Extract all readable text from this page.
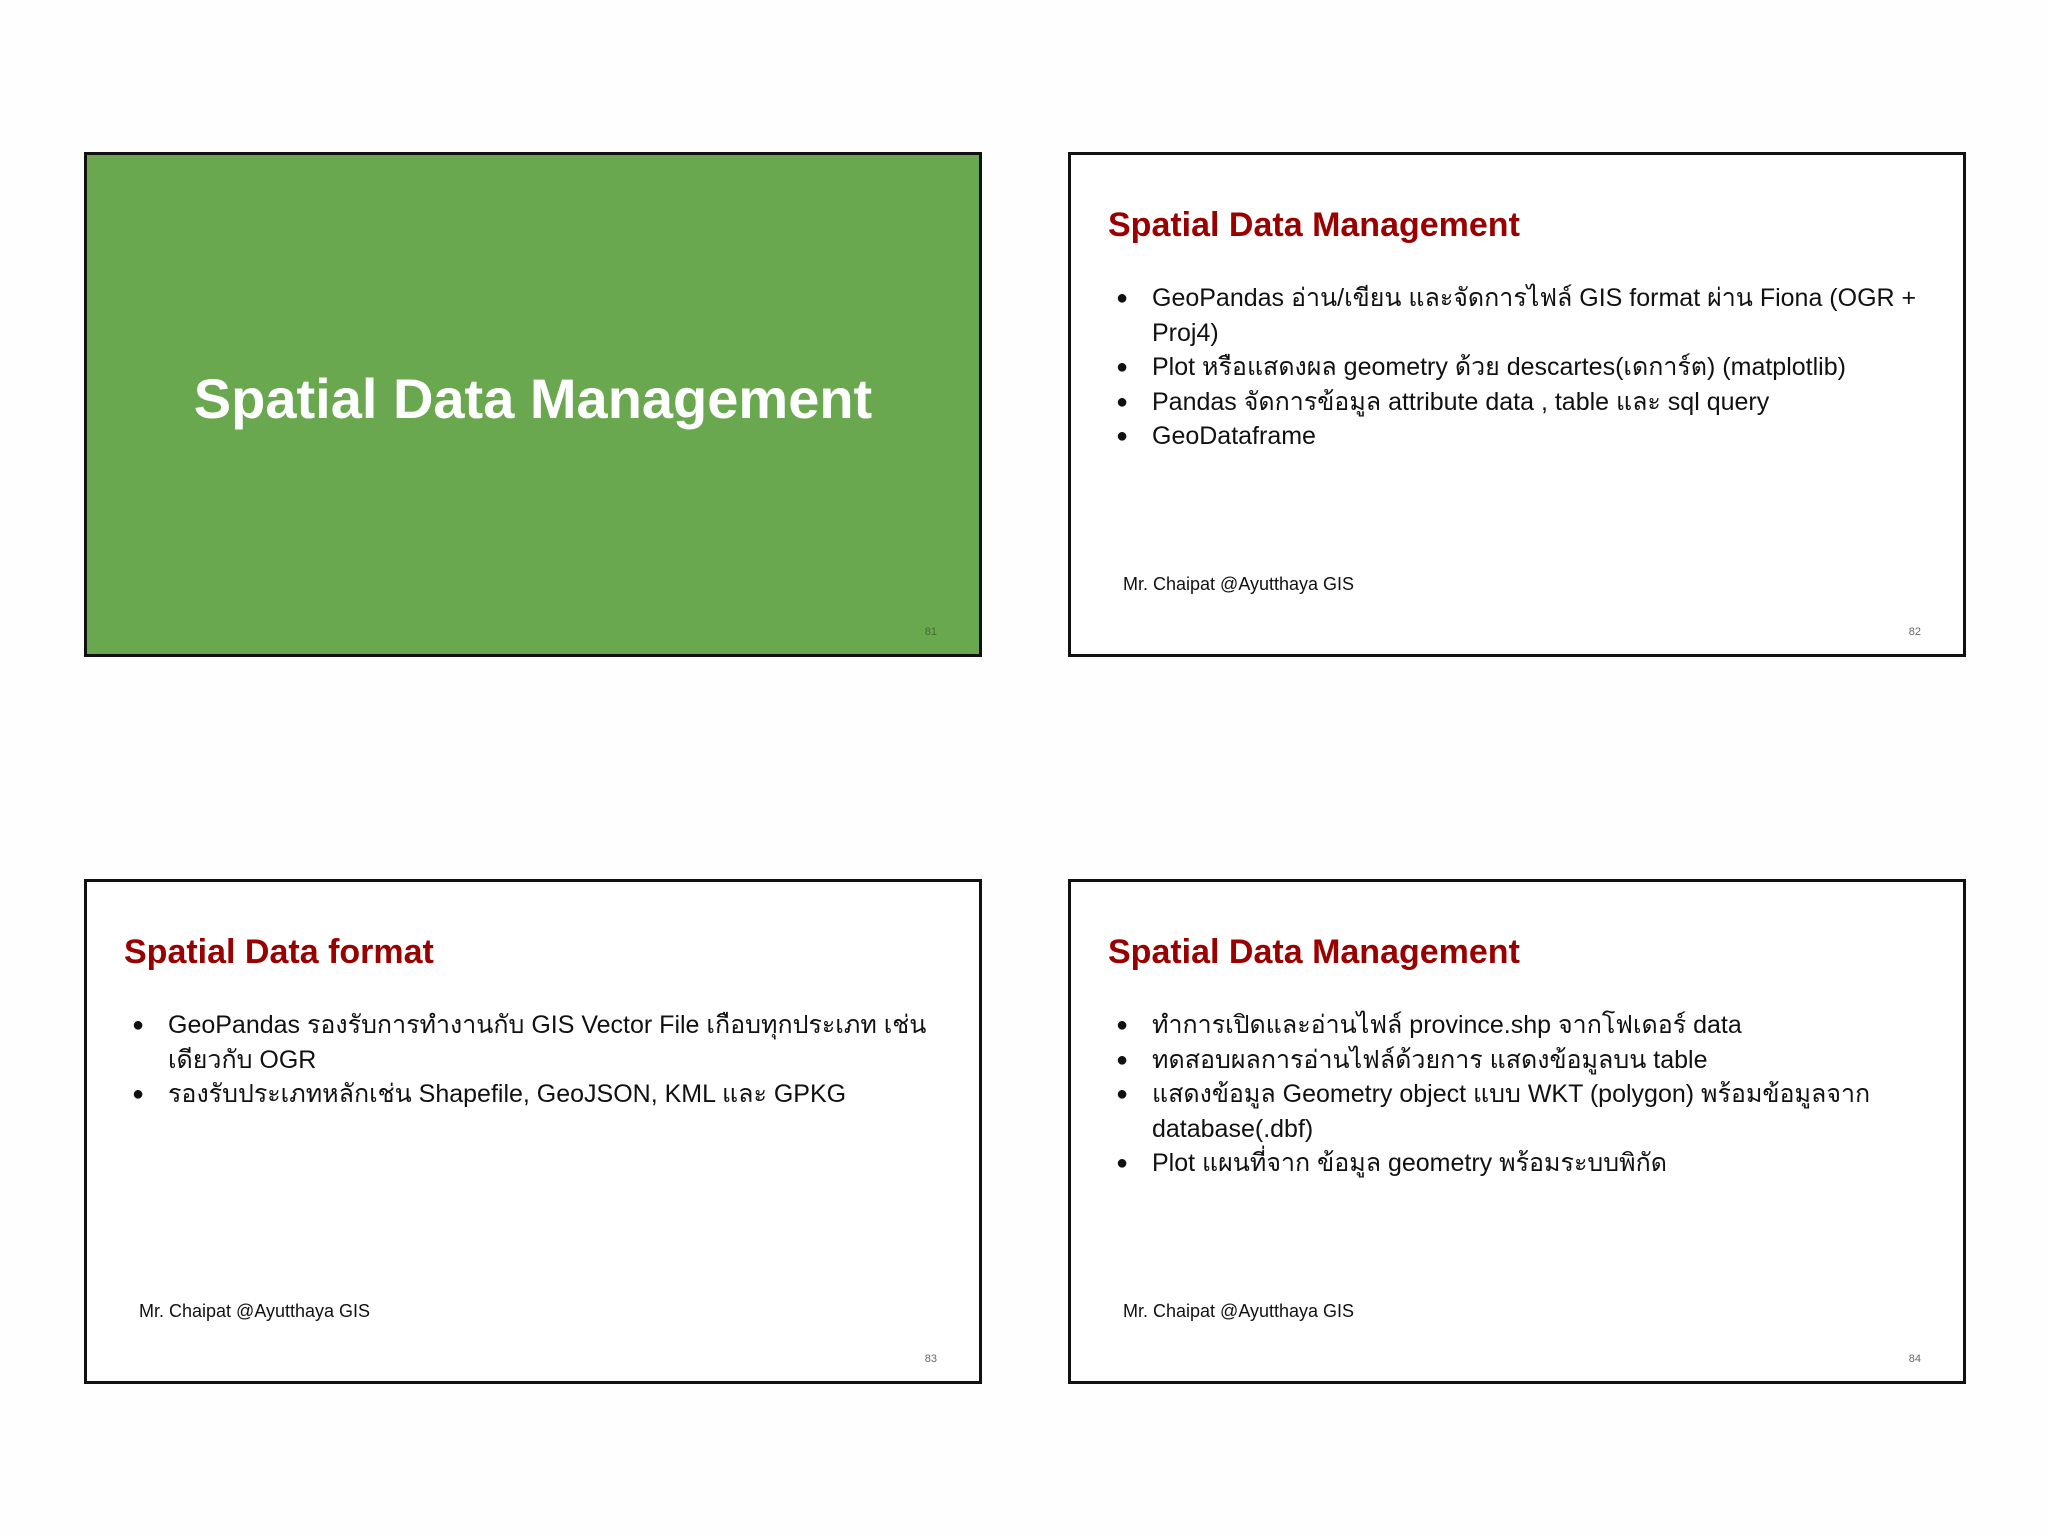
Spatial Data Management
81
Spatial Data Management
● GeoPandas อ่าน/เขียน และจัดการไฟล์ GIS format ผ่าน Fiona (OGR + Proj4)
● Plot หรือแสดงผล geometry ด้วย descartes(เดการ์ต) (matplotlib)
● Pandas จัดการข้อมูล attribute data , table และ sql query
● GeoDataframe
Mr. Chaipat @Ayutthaya GIS
82
Spatial Data format
● GeoPandas รองรับการทำงานกับ GIS Vector File เกือบทุกประเภท เช่นเดียวกับ OGR
● รองรับประเภทหลักเช่น Shapefile, GeoJSON, KML และ GPKG
Mr. Chaipat @Ayutthaya GIS
83
Spatial Data Management
● ทำการเปิดและอ่านไฟล์ province.shp จากโฟเดอร์ data
● ทดสอบผลการอ่านไฟล์ด้วยการ แสดงข้อมูลบน table
● แสดงข้อมูล Geometry object แบบ WKT (polygon) พร้อมข้อมูลจาก database(.dbf)
● Plot แผนที่จาก ข้อมูล geometry พร้อมระบบพิกัด
Mr. Chaipat @Ayutthaya GIS
84
